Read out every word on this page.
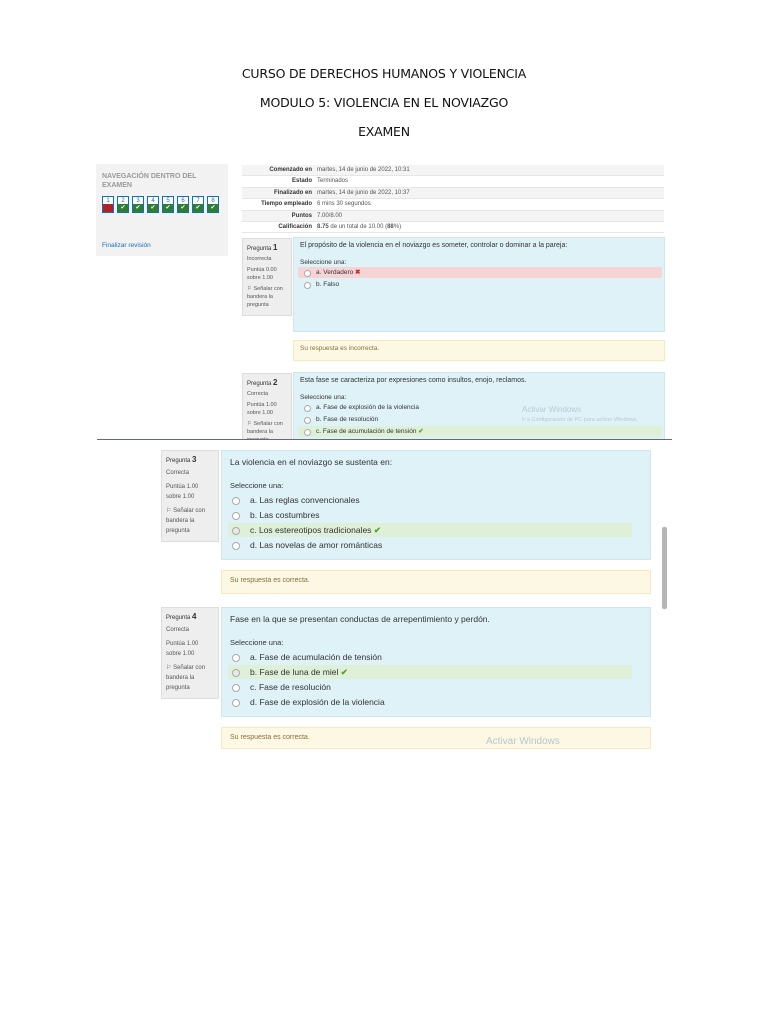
CURSO DE DERECHOS HUMANOS Y VIOLENCIA
MODULO 5: VIOLENCIA EN EL NOVIAZGO
EXAMEN
NAVEGACIÓN DENTRO DEL EXAMEN
1	2
✔
3
✔
4
✔
5
✔
6
✔
7
✔
8
✔
Finalizar revisión
Comenzado en martes, 14 de junio de 2022, 10:31
Estado Terminados
Finalizado en martes, 14 de junio de 2022, 10:37
Tiempo empleado 6 mins 30 segundos
Puntos 7.00/8.00
Calificación 8.75 de un total de 10.00 (88%)
Pregunta 1
Incorrecta
Puntúa 0.00 sobre 1.00
⚐ Señalar con bandera la pregunta
El propósito de la violencia en el noviazgo es someter, controlar o dominar a la pareja:
Seleccione una:
a. Verdadero ✖
b. Falso
Su respuesta es incorrecta.
Pregunta 2
Correcta
Puntúa 1.00 sobre 1.00
⚐ Señalar con bandera la
Esta fase se caracteriza por expresiones como insultos, enojo, reclamos.
Seleccione una:
a. Fase de explosión de la violencia
b. Fase de resolución
c. Fase de acumulación de tensión ✔
Activar Windows
Ir a Configuración de PC para activar Windows.
Pregunta 3
Correcta
Puntúa 1.00 sobre 1.00
⚐ Señalar con bandera la pregunta
La violencia en el noviazgo se sustenta en:
Seleccione una:
a. Las reglas convencionales
b. Las costumbres
c. Los estereotipos tradicionales ✔
d. Las novelas de amor románticas
Su respuesta es correcta.
Pregunta 4
Correcta
Puntúa 1.00 sobre 1.00
⚐ Señalar con bandera la pregunta
Fase en la que se presentan conductas de arrepentimiento y perdón.
Seleccione una:
a. Fase de acumulación de tensión
b. Fase de luna de miel ✔
c. Fase de resolución
d. Fase de explosión de la violencia
Su respuesta es correcta.	Activar Windows
